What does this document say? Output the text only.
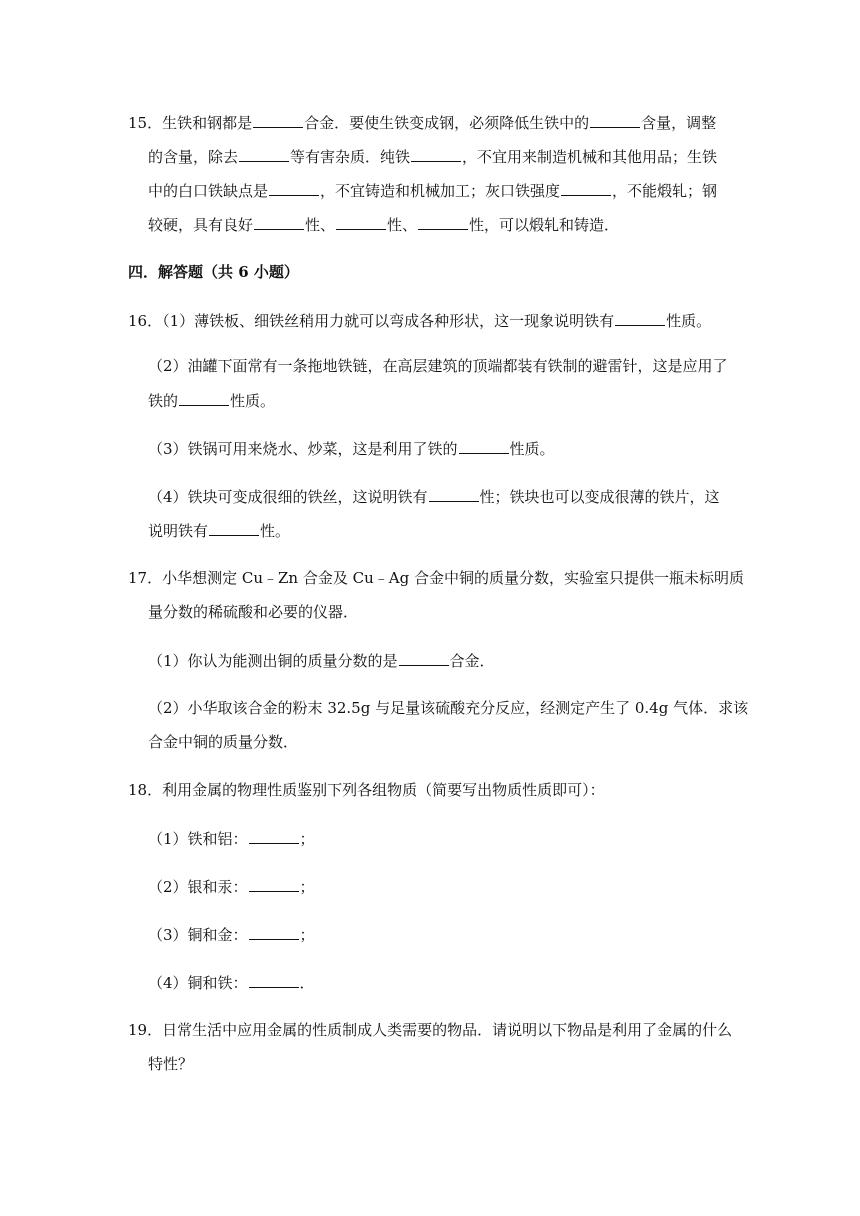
15．生铁和钢都是	合金．要使生铁变成钢，必须降低生铁中的	含量，调整
的含量，除去	等有害杂质．纯铁	，不宜用来制造机械和其他用品；生铁
中的白口铁缺点是	，不宜铸造和机械加工；灰口铁强度	，不能煅轧；钢
较硬，具有良好	性、	性、	性，可以煅轧和铸造．
四．解答题（共 6 小题）
16．（1）薄铁板、细铁丝稍用力就可以弯成各种形状，这一现象说明铁有	性质。
（2）油罐下面常有一条拖地铁链，在高层建筑的顶端都装有铁制的避雷针，这是应用了
铁的	性质。
（3）铁锅可用来烧水、炒菜，这是利用了铁的	性质。
（4）铁块可变成很细的铁丝，这说明铁有	性；铁块也可以变成很薄的铁片，这
说明铁有	性。
17．小华想测定 Cu﹣Zn 合金及 Cu﹣Ag 合金中铜的质量分数，实验室只提供一瓶未标明质
量分数的稀硫酸和必要的仪器．
（1）你认为能测出铜的质量分数的是	合金．
（2）小华取该合金的粉末 32.5g 与足量该硫酸充分反应，经测定产生了 0.4g 气体．求该
合金中铜的质量分数．
18．利用金属的物理性质鉴别下列各组物质（简要写出物质性质即可）：
（1）铁和铝：	；
（2）银和汞：	；
（3）铜和金：	；
（4）铜和铁：	．
19．日常生活中应用金属的性质制成人类需要的物品．请说明以下物品是利用了金属的什么
特性？
